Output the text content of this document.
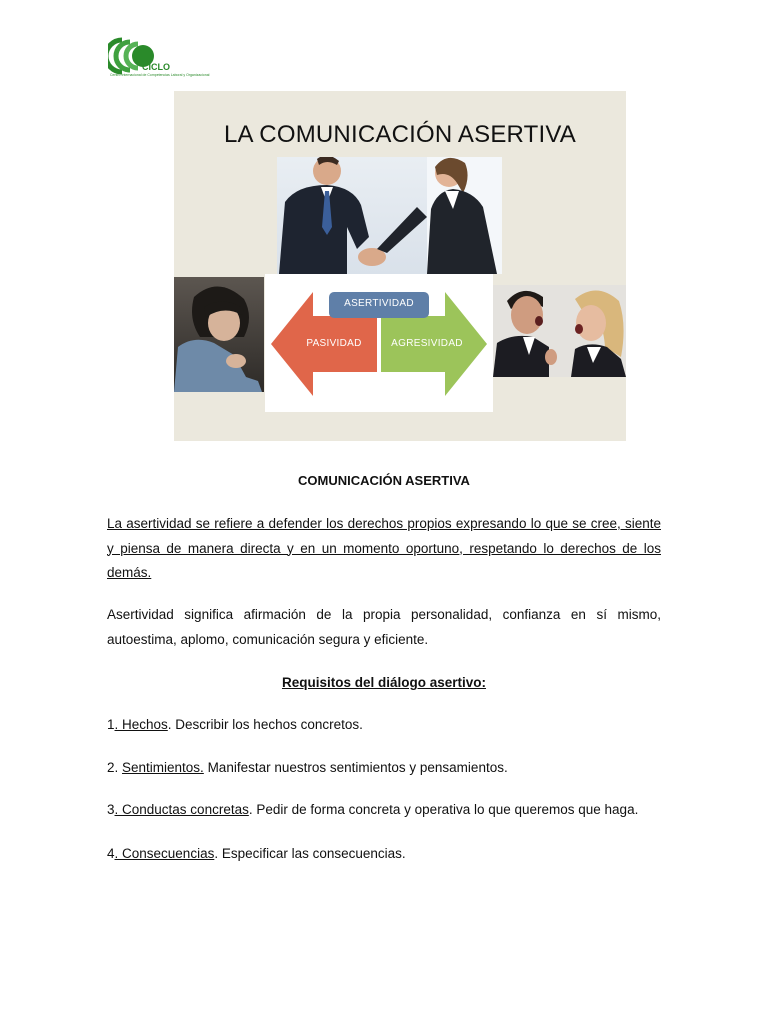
CICLO
Centro Internacional de Competencias Laboral y Organizacional
LA COMUNICACIÓN ASERTIVA
ASERTIVIDAD
PASIVIDAD	AGRESIVIDAD
COMUNICACIÓN ASERTIVA
La asertividad se refiere a defender los derechos propios expresando lo que se cree, siente y piensa de manera directa y en un momento oportuno, respetando lo derechos de los demás.
Asertividad significa afirmación de la propia personalidad, confianza en sí mismo, autoestima, aplomo, comunicación segura y eficiente.
Requisitos del diálogo asertivo:
1. Hechos. Describir los hechos concretos.
2. Sentimientos. Manifestar nuestros sentimientos y pensamientos.
3. Conductas concretas. Pedir de forma concreta y operativa lo que queremos que haga.
4. Consecuencias. Especificar las consecuencias.
